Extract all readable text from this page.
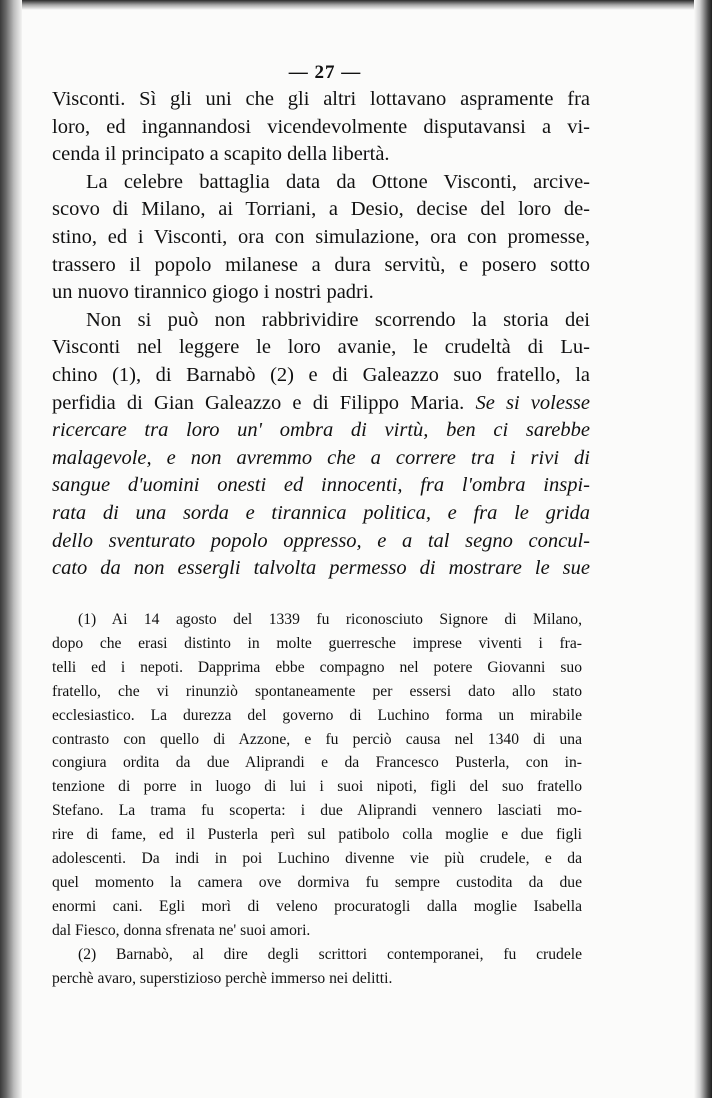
— 27 —
Visconti. Sì gli uni che gli altri lottavano aspramente fra
loro, ed ingannandosi vicendevolmente disputavansi a vi-
cenda il principato a scapito della libertà.
La celebre battaglia data da Ottone Visconti, arcive-
scovo di Milano, ai Torriani, a Desio, decise del loro de-
stino, ed i Visconti, ora con simulazione, ora con promesse,
trassero il popolo milanese a dura servitù, e posero sotto
un nuovo tirannico giogo i nostri padri.
Non si può non rabbrividire scorrendo la storia dei
Visconti nel leggere le loro avanie, le crudeltà di Lu-
chino (1), di Barnabò (2) e di Galeazzo suo fratello, la
perfidia di Gian Galeazzo e di Filippo Maria. Se si volesse
ricercare tra loro un' ombra di virtù, ben ci sarebbe
malagevole, e non avremmo che a correre tra i rivi di
sangue d'uomini onesti ed innocenti, fra l'ombra inspi-
rata di una sorda e tirannica politica, e fra le grida
dello sventurato popolo oppresso, e a tal segno concul-
cato da non essergli talvolta permesso di mostrare le sue
(1) Ai 14 agosto del 1339 fu riconosciuto Signore di Milano,
dopo che erasi distinto in molte guerresche imprese viventi i fra-
telli ed i nepoti. Dapprima ebbe compagno nel potere Giovanni suo
fratello, che vi rinunziò spontaneamente per essersi dato allo stato
ecclesiastico. La durezza del governo di Luchino forma un mirabile
contrasto con quello di Azzone, e fu perciò causa nel 1340 di una
congiura ordita da due Aliprandi e da Francesco Pusterla, con in-
tenzione di porre in luogo di lui i suoi nipoti, figli del suo fratello
Stefano. La trama fu scoperta: i due Aliprandi vennero lasciati mo-
rire di fame, ed il Pusterla perì sul patibolo colla moglie e due figli
adolescenti. Da indi in poi Luchino divenne vie più crudele, e da
quel momento la camera ove dormiva fu sempre custodita da due
enormi cani. Egli morì di veleno procuratogli dalla moglie Isabella
dal Fiesco, donna sfrenata ne' suoi amori.
(2) Barnabò, al dire degli scrittori contemporanei, fu crudele
perchè avaro, superstizioso perchè immerso nei delitti.
